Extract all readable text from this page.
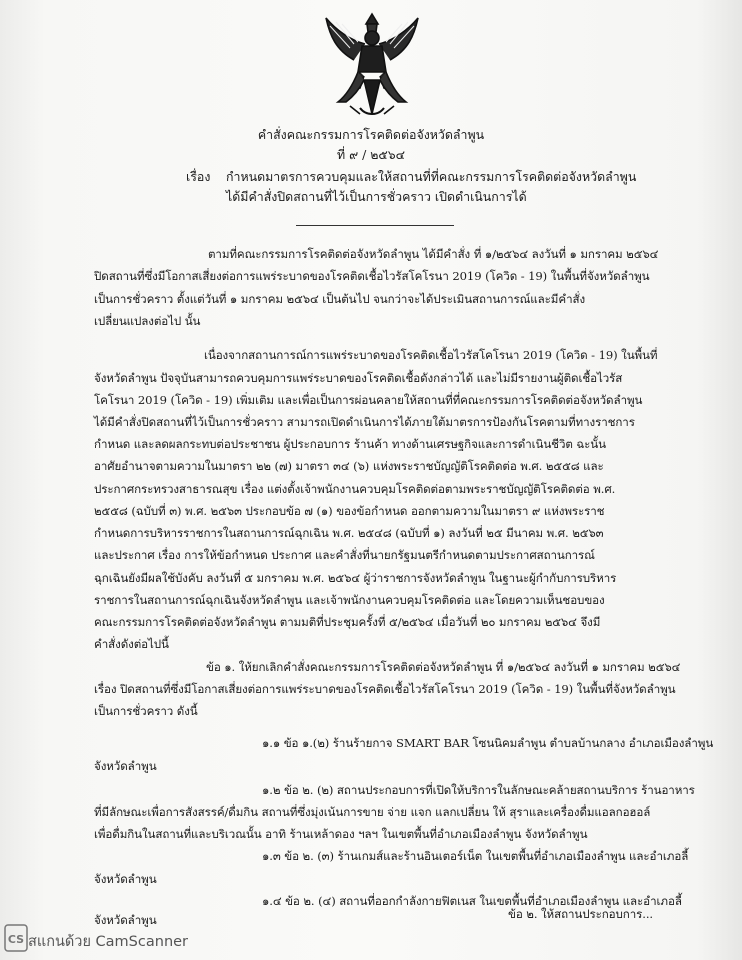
คำสั่งคณะกรรมการโรคติดต่อจังหวัดลำพูน
ที่ ๙ / ๒๕๖๔
เรื่อง กำหนดมาตรการควบคุมและให้สถานที่ที่คณะกรรมการโรคติดต่อจังหวัดลำพูน
ได้มีคำสั่งปิดสถานที่ไว้เป็นการชั่วคราว เปิดดำเนินการได้
ตามที่คณะกรรมการโรคติดต่อจังหวัดลำพูน ได้มีคำสั่ง ที่ ๑/๒๕๖๔ ลงวันที่ ๑ มกราคม ๒๕๖๔
ปิดสถานที่ซึ่งมีโอกาสเสี่ยงต่อการแพร่ระบาดของโรคติดเชื้อไวรัสโคโรนา 2019 (โควิด - 19) ในพื้นที่จังหวัดลำพูน
เป็นการชั่วคราว ตั้งแต่วันที่ ๑ มกราคม ๒๕๖๔ เป็นต้นไป จนกว่าจะได้ประเมินสถานการณ์และมีคำสั่ง
เปลี่ยนแปลงต่อไป นั้น
เนื่องจากสถานการณ์การแพร่ระบาดของโรคติดเชื้อไวรัสโคโรนา 2019 (โควิด - 19) ในพื้นที่
จังหวัดลำพูน ปัจจุบันสามารถควบคุมการแพร่ระบาดของโรคติดเชื้อดังกล่าวได้ และไม่มีรายงานผู้ติดเชื้อไวรัส
โคโรนา 2019 (โควิด - 19) เพิ่มเติม และเพื่อเป็นการผ่อนคลายให้สถานที่ที่คณะกรรมการโรคติดต่อจังหวัดลำพูน
ได้มีคำสั่งปิดสถานที่ไว้เป็นการชั่วคราว สามารถเปิดดำเนินการได้ภายใต้มาตรการป้องกันโรคตามที่ทางราชการ
กำหนด และลดผลกระทบต่อประชาชน ผู้ประกอบการ ร้านค้า ทางด้านเศรษฐกิจและการดำเนินชีวิต ฉะนั้น
อาศัยอำนาจตามความในมาตรา ๒๒ (๗) มาตรา ๓๔ (๖) แห่งพระราชบัญญัติโรคติดต่อ พ.ศ. ๒๕๕๘ และ
ประกาศกระทรวงสาธารณสุข เรื่อง แต่งตั้งเจ้าพนักงานควบคุมโรคติดต่อตามพระราชบัญญัติโรคติดต่อ พ.ศ.
๒๕๕๘ (ฉบับที่ ๓) พ.ศ. ๒๕๖๓ ประกอบข้อ ๗ (๑) ของข้อกำหนด ออกตามความในมาตรา ๙ แห่งพระราช
กำหนดการบริหารราชการในสถานการณ์ฉุกเฉิน พ.ศ. ๒๕๔๘ (ฉบับที่ ๑) ลงวันที่ ๒๕ มีนาคม พ.ศ. ๒๕๖๓
และประกาศ เรื่อง การให้ข้อกำหนด ประกาศ และคำสั่งที่นายกรัฐมนตรีกำหนดตามประกาศสถานการณ์
ฉุกเฉินยังมีผลใช้บังคับ ลงวันที่ ๕ มกราคม พ.ศ. ๒๕๖๔ ผู้ว่าราชการจังหวัดลำพูน ในฐานะผู้กำกับการบริหาร
ราชการในสถานการณ์ฉุกเฉินจังหวัดลำพูน และเจ้าพนักงานควบคุมโรคติดต่อ และโดยความเห็นชอบของ
คณะกรรมการโรคติดต่อจังหวัดลำพูน ตามมติที่ประชุมครั้งที่ ๕/๒๕๖๔ เมื่อวันที่ ๒๐ มกราคม ๒๕๖๔ จึงมี
คำสั่งดังต่อไปนี้
ข้อ ๑. ให้ยกเลิกคำสั่งคณะกรรมการโรคติดต่อจังหวัดลำพูน ที่ ๑/๒๕๖๔ ลงวันที่ ๑ มกราคม ๒๕๖๔
เรื่อง ปิดสถานที่ซึ่งมีโอกาสเสี่ยงต่อการแพร่ระบาดของโรคติดเชื้อไวรัสโคโรนา 2019 (โควิด - 19) ในพื้นที่จังหวัดลำพูน
เป็นการชั่วคราว ดังนี้
๑.๑ ข้อ ๑.(๒) ร้านร้ายกาจ SMART BAR โซนนิคมลำพูน ตำบลบ้านกลาง อำเภอเมืองลำพูน
จังหวัดลำพูน
๑.๒ ข้อ ๒. (๒) สถานประกอบการที่เปิดให้บริการในลักษณะคล้ายสถานบริการ ร้านอาหาร
ที่มีลักษณะเพื่อการสังสรรค์/ดื่มกิน สถานที่ซึ่งมุ่งเน้นการขาย จ่าย แจก แลกเปลี่ยน ให้ สุราและเครื่องดื่มแอลกอฮอล์
เพื่อดื่มกินในสถานที่และบริเวณนั้น อาทิ ร้านเหล้าดอง ฯลฯ ในเขตพื้นที่อำเภอเมืองลำพูน จังหวัดลำพูน
๑.๓ ข้อ ๒. (๓) ร้านเกมส์และร้านอินเตอร์เน็ต ในเขตพื้นที่อำเภอเมืองลำพูน และอำเภอลี้
จังหวัดลำพูน
๑.๔ ข้อ ๒. (๔) สถานที่ออกกำลังกายฟิตเนส ในเขตพื้นที่อำเภอเมืองลำพูน และอำเภอลี้
จังหวัดลำพูน	ข้อ ๒. ให้สถานประกอบการ...
CS สแกนด้วย CamScanner
